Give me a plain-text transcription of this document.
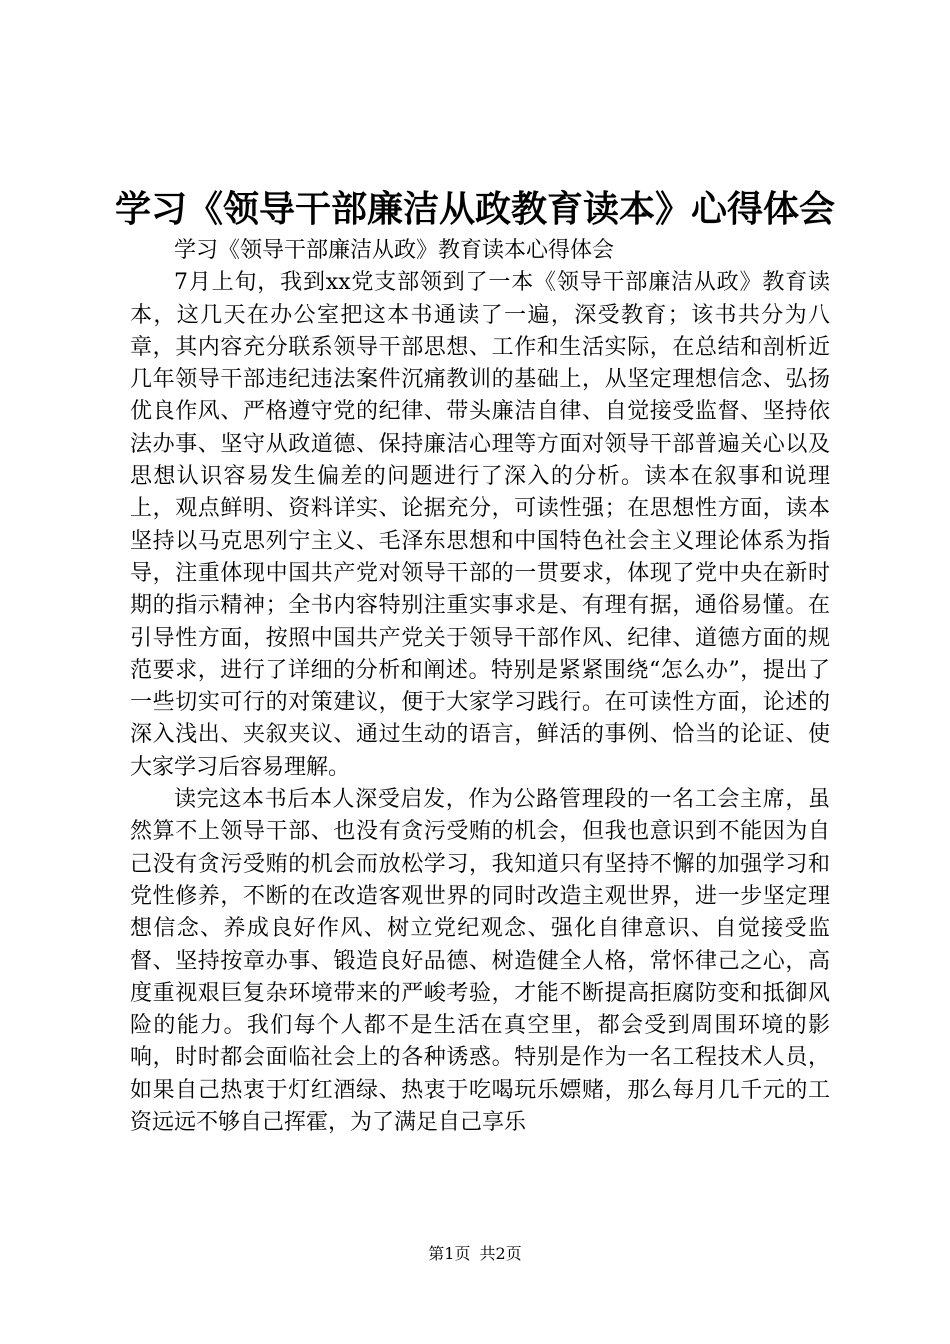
学习《领导干部廉洁从政教育读本》心得体会

学习《领导干部廉洁从政》教育读本心得体会

7月上旬，我到xx党支部领到了一本《领导干部廉洁从政》教育读本，这几天在办公室把这本书通读了一遍，深受教育；该书共分为八章，其内容充分联系领导干部思想、工作和生活实际，在总结和剖析近几年领导干部违纪违法案件沉痛教训的基础上，从坚定理想信念、弘扬优良作风、严格遵守党的纪律、带头廉洁自律、自觉接受监督、坚持依法办事、坚守从政道德、保持廉洁心理等方面对领导干部普遍关心以及思想认识容易发生偏差的问题进行了深入的分析。读本在叙事和说理上，观点鲜明、资料详实、论据充分，可读性强；在思想性方面，读本坚持以马克思列宁主义、毛泽东思想和中国特色社会主义理论体系为指导，注重体现中国共产党对领导干部的一贯要求，体现了党中央在新时期的指示精神；全书内容特别注重实事求是、有理有据，通俗易懂。在引导性方面，按照中国共产党关于领导干部作风、纪律、道德方面的规范要求，进行了详细的分析和阐述。特别是紧紧围绕“怎么办”，提出了一些切实可行的对策建议，便于大家学习践行。在可读性方面，论述的深入浅出、夹叙夹议、通过生动的语言，鲜活的事例、恰当的论证、使大家学习后容易理解。

读完这本书后本人深受启发，作为公路管理段的一名工会主席，虽然算不上领导干部、也没有贪污受贿的机会，但我也意识到不能因为自己没有贪污受贿的机会而放松学习，我知道只有坚持不懈的加强学习和党性修养，不断的在改造客观世界的同时改造主观世界，进一步坚定理想信念、养成良好作风、树立党纪观念、强化自律意识、自觉接受监督、坚持按章办事、锻造良好品德、树造健全人格，常怀律己之心，高度重视艰巨复杂环境带来的严峻考验，才能不断提高拒腐防变和抵御风险的能力。我们每个人都不是生活在真空里，都会受到周围环境的影响，时时都会面临社会上的各种诱惑。特别是作为一名工程技术人员，如果自己热衷于灯红酒绿、热衷于吃喝玩乐嫖赌，那么每月几千元的工资远远不够自己挥霍，为了满足自己享乐

第1页 共2页
